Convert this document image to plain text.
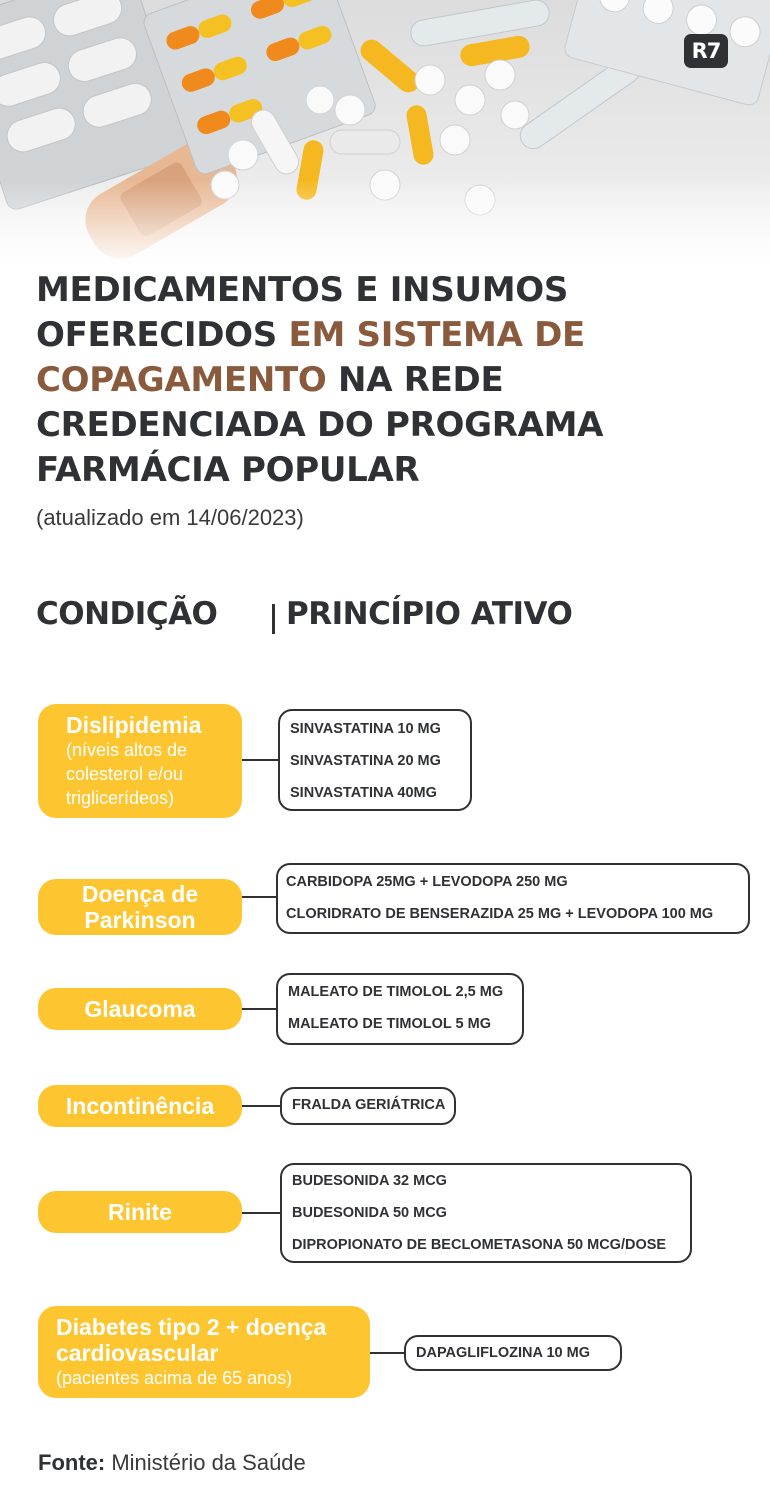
R7
MEDICAMENTOS E INSUMOS OFERECIDOS EM SISTEMA DE COPAGAMENTO NA REDE CREDENCIADA DO PROGRAMA FARMÁCIA POPULAR
(atualizado em 14/06/2023)
CONDIÇÃO PRINCÍPIO ATIVO
Dislipidemia
(níveis altos de colesterol e/ou triglicerídeos)
SINVASTATINA 10 MG
SINVASTATINA 20 MG
SINVASTATINA 40MG
Doença de Parkinson
CARBIDOPA 25MG + LEVODOPA 250 MG
CLORIDRATO DE BENSERAZIDA 25 MG + LEVODOPA 100 MG
Glaucoma
MALEATO DE TIMOLOL 2,5 MG
MALEATO DE TIMOLOL 5 MG
Incontinência	FRALDA GERIÁTRICA
Rinite
BUDESONIDA 32 MCG
BUDESONIDA 50 MCG
DIPROPIONATO DE BECLOMETASONA 50 MCG/DOSE
Diabetes tipo 2 + doença cardiovascular
(pacientes acima de 65 anos)
DAPAGLIFLOZINA 10 MG
Fonte: Ministério da Saúde
